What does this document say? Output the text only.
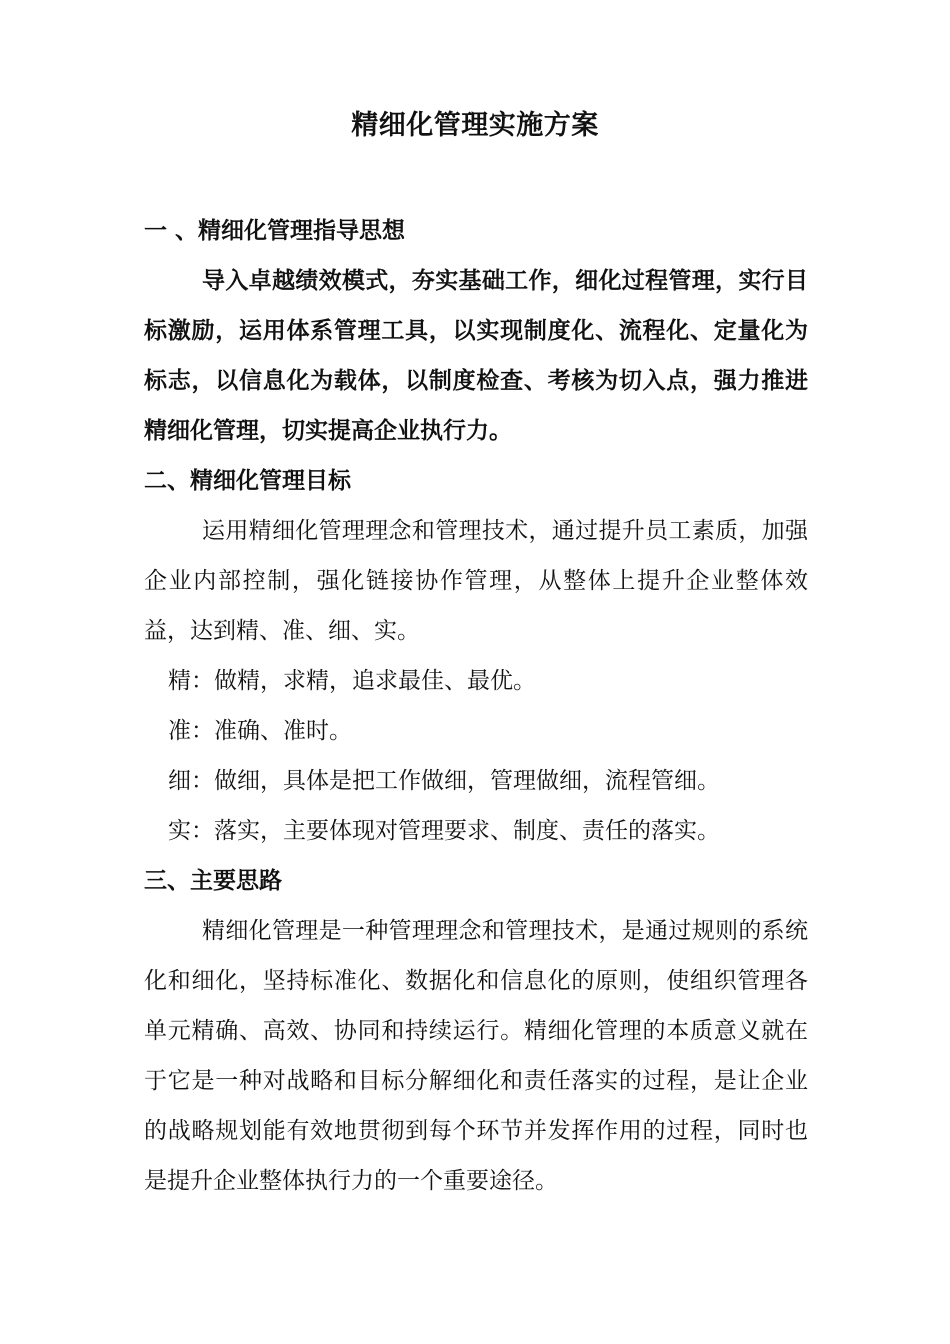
精细化管理实施方案
一 、精细化管理指导思想

导入卓越绩效模式，夯实基础工作，细化过程管理，实行目标激励，运用体系管理工具，以实现制度化、流程化、定量化为标志，以信息化为载体，以制度检查、考核为切入点，强力推进精细化管理，切实提高企业执行力。

二、精细化管理目标

运用精细化管理理念和管理技术，通过提升员工素质，加强企业内部控制，强化链接协作管理，从整体上提升企业整体效益，达到精、准、细、实。

精：做精，求精，追求最佳、最优。
准：准确、准时。
细：做细，具体是把工作做细，管理做细，流程管细。
实：落实，主要体现对管理要求、制度、责任的落实。
三、主要思路

精细化管理是一种管理理念和管理技术，是通过规则的系统化和细化，坚持标准化、数据化和信息化的原则，使组织管理各单元精确、高效、协同和持续运行。精细化管理的本质意义就在于它是一种对战略和目标分解细化和责任落实的过程，是让企业的战略规划能有效地贯彻到每个环节并发挥作用的过程，同时也是提升企业整体执行力的一个重要途径。
